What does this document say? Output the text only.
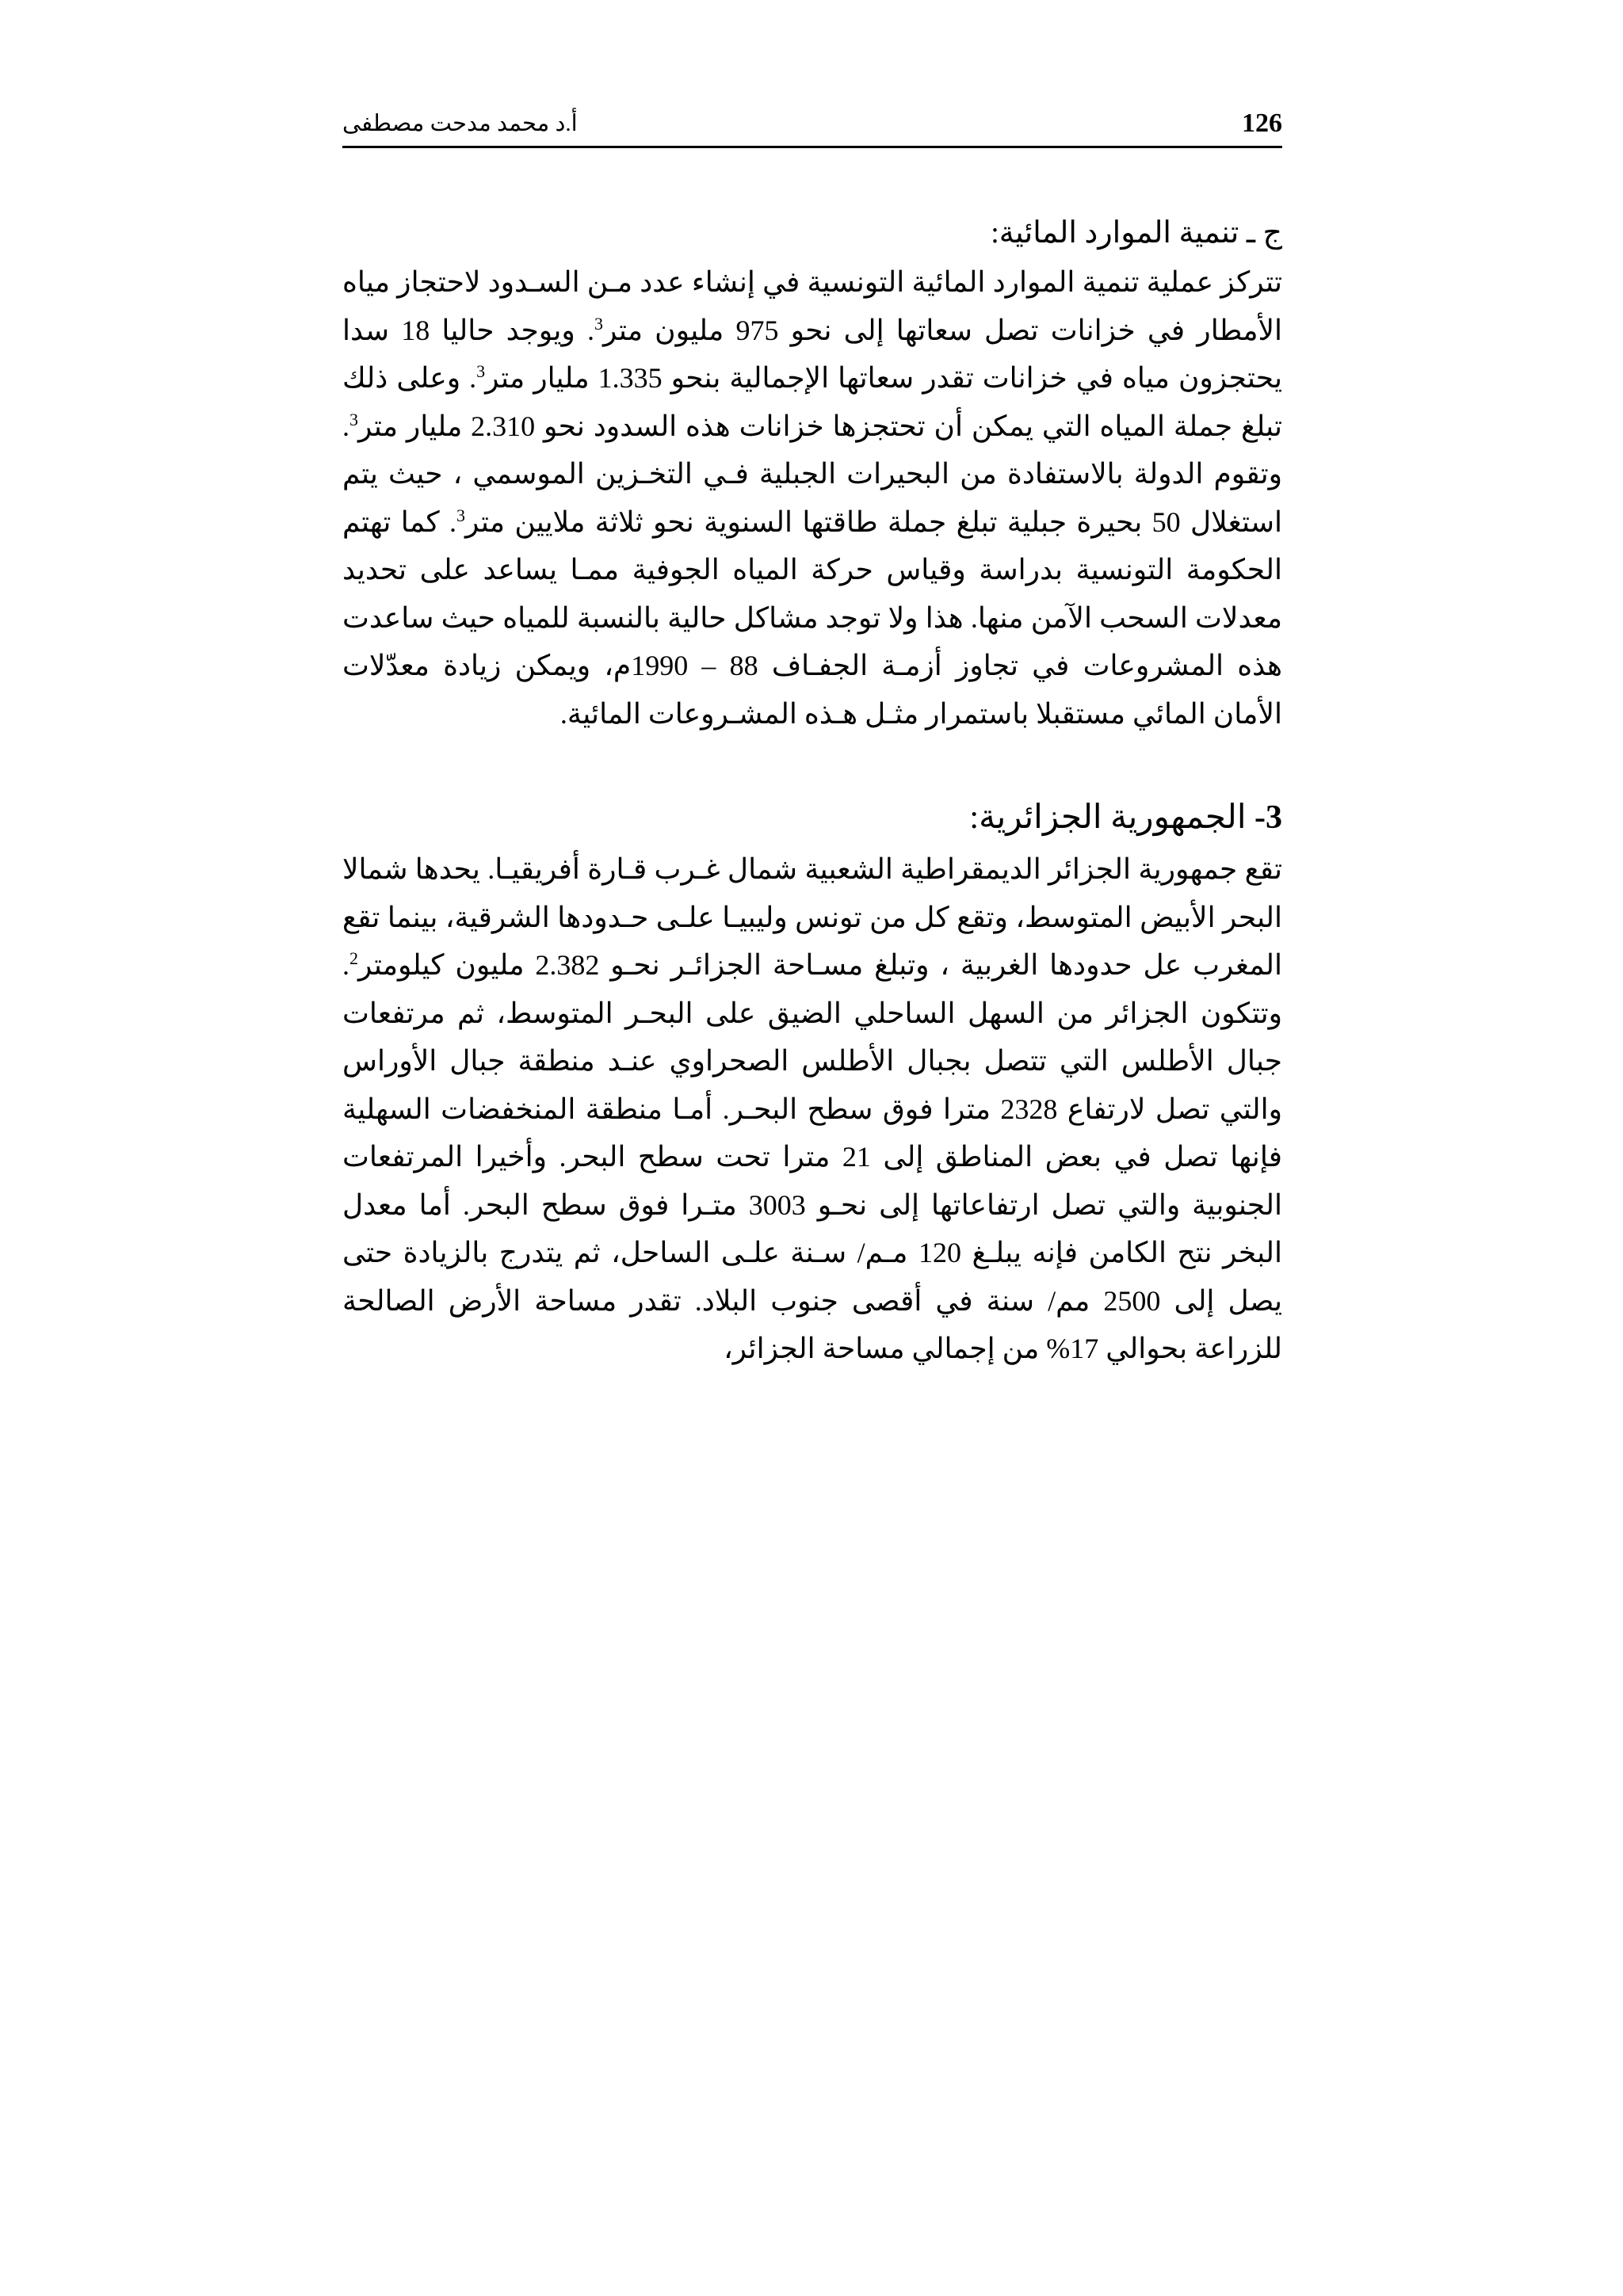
126
أ.د محمد مدحت مصطفى
ج ـ تنمية الموارد المائية:

تتركز عملية تنمية الموارد المائية التونسية في إنشاء عدد مـن السـدود لاحتجاز مياه الأمطار في خزانات تصل سعاتها إلى نحو 975 مليون متر$^3$. ويوجد حاليا 18 سدا يحتجزون مياه في خزانات تقدر سعاتها الإجمالية بنحو 1.335 مليار متر$^3$. وعلى ذلك تبلغ جملة المياه التي يمكن أن تحتجزها خزانات هذه السدود نحو 2.310 مليار متر$^3$. وتقوم الدولة بالاستفادة من البحيرات الجبلية فـي التخـزين الموسمي ، حيث يتم استغلال 50 بحيرة جبلية تبلغ جملة طاقتها السنوية نحو ثلاثة ملايين متر$^3$. كما تهتم الحكومة التونسية بدراسة وقياس حركة المياه الجوفية ممـا يساعد على تحديد معدلات السحب الآمن منها. هذا ولا توجد مشاكل حالية بالنسبة للمياه حيث ساعدت هذه المشروعات في تجاوز أزمـة الجفـاف 88 – 1990م، ويمكن زيادة معدّلات الأمان المائي مستقبلا باستمرار مثـل هـذه المشـروعات المائية.

3- الجمهورية الجزائرية:

تقع جمهورية الجزائر الديمقراطية الشعبية شمال غـرب قـارة أفريقيـا. يحدها شمالا البحر الأبيض المتوسط، وتقع كل من تونس وليبيـا علـى حـدودها الشرقية، بينما تقع المغرب عل حدودها الغربية ، وتبلغ مسـاحة الجزائـر نحـو 2.382 مليون كيلومتر$^2$. وتتكون الجزائر من السهل الساحلي الضيق على البحـر المتوسط، ثم مرتفعات جبال الأطلس التي تتصل بجبال الأطلس الصحراوي عنـد منطقة جبال الأوراس والتي تصل لارتفاع 2328 مترا فوق سطح البحـر. أمـا منطقة المنخفضات السهلية فإنها تصل في بعض المناطق إلى 21 مترا تحت سطح البحر. وأخيرا المرتفعات الجنوبية والتي تصل ارتفاعاتها إلى نحـو 3003 متـرا فوق سطح البحر. أما معدل البخر نتح الكامن فإنه يبلـغ 120 مـم/ سـنة علـى الساحل، ثم يتدرج بالزيادة حتى يصل إلى 2500 مم/ سنة في أقصى جنوب البلاد. تقدر مساحة الأرض الصالحة للزراعة بحوالي 17% من إجمالي مساحة الجزائر،
